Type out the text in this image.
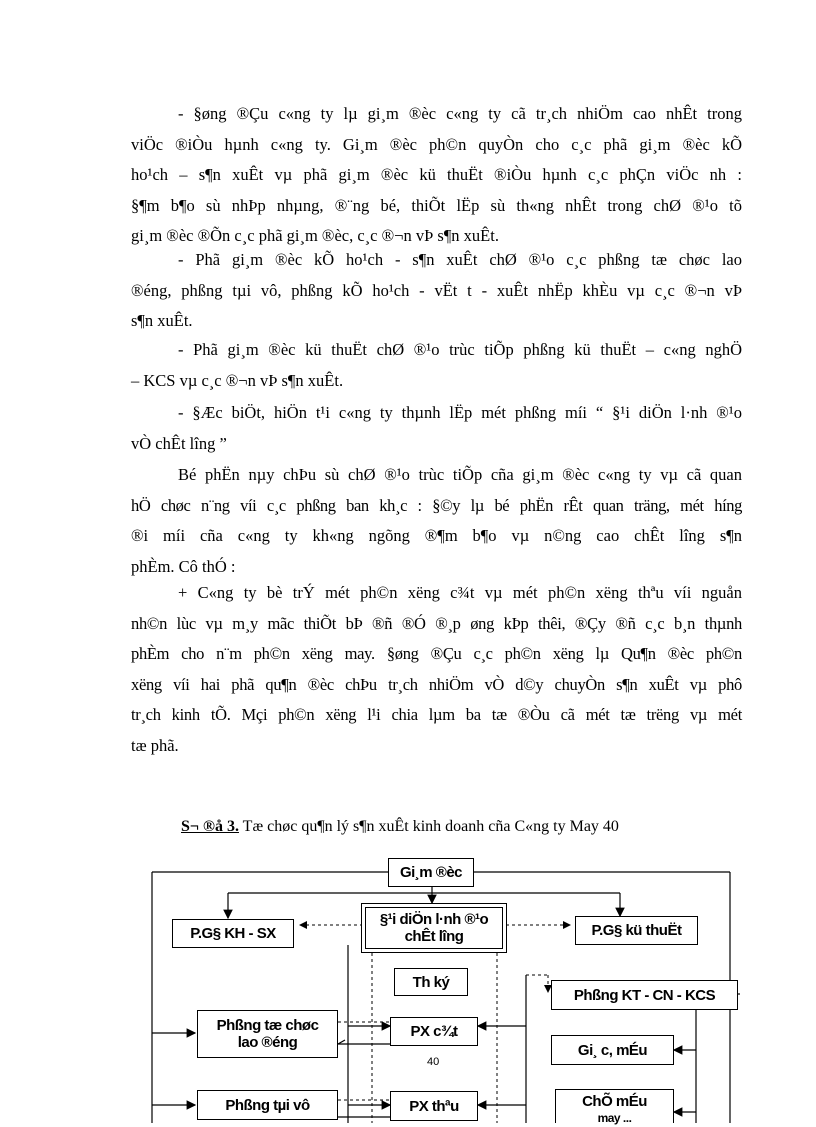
- §øng ®Çu c«ng ty lµ gi¸m ®èc c«ng ty cã tr¸ch nhiÖm cao nhÊt trong
viÖc ®iÒu hµnh c«ng ty. Gi¸m ®èc ph©n quyÒn cho c¸c phã gi¸m ®èc kÕ
ho¹ch – s¶n xuÊt vµ phã gi¸m ®èc kü thuËt ®iÒu hµnh c¸c phÇn viÖc nh :
§¶m b¶o sù nhÞp nhµng, ®¨ng bé, thiÕt lËp sù th«ng nhÊt trong chØ ®¹o tõ
gi¸m ®èc ®Õn c¸c phã gi¸m ®èc, c¸c ®¬n vÞ s¶n xuÊt.
- Phã gi¸m ®èc kÕ ho¹ch - s¶n xuÊt chØ ®¹o c¸c phßng tæ chøc lao
®éng, phßng tµi vô, phßng kÕ ho¹ch - vËt t - xuÊt nhËp khÈu vµ c¸c ®¬n vÞ
s¶n xuÊt.
- Phã gi¸m ®èc kü thuËt chØ ®¹o trùc tiÕp phßng kü thuËt – c«ng nghÖ
– KCS vµ c¸c ®¬n vÞ s¶n xuÊt.
- §Æc biÖt, hiÖn t¹i c«ng ty thµnh lËp mét phßng míi “ §¹i diÖn l·nh ®¹o
vÒ chÊt lîng ”
Bé phËn nµy chÞu sù chØ ®¹o trùc tiÕp cña gi¸m ®èc c«ng ty vµ cã quan
hÖ chøc n¨ng víi c¸c phßng ban kh¸c : §©y lµ bé phËn rÊt quan träng, mét híng
®i míi cña c«ng ty kh«ng ngõng ®¶m b¶o vµ n©ng cao chÊt lîng s¶n
phÈm. Cô thÓ :
+ C«ng ty bè trÝ mét ph©n xëng c¾t vµ mét ph©n xëng thªu víi nguån
nh©n lùc vµ m¸y mãc thiÕt bÞ ®ñ ®Ó ®¸p øng kÞp thêi, ®Çy ®ñ c¸c b¸n thµnh
phÈm cho n¨m ph©n xëng may. §øng ®Çu c¸c ph©n xëng lµ Qu¶n ®èc ph©n
xëng víi hai phã qu¶n ®èc chÞu tr¸ch nhiÖm vÒ d©y chuyÒn s¶n xuÊt vµ phô
tr¸ch kinh tÕ. Mçi ph©n xëng l¹i chia lµm ba tæ ®Òu cã mét tæ trëng vµ mét
tæ phã.
S¬ ®å 3. Tæ chøc qu¶n lý s¶n xuÊt kinh doanh cña C«ng ty May 40
Gi¸m ®èc
P.G§ KH - SX
§¹i diÖn l·nh ®¹o
chÊt lîng	P.G§ kü thuËt
Th ký
Phßng KT - CN - KCS
Phßng tæ chøc
lao ®éng
PX c¾t
Gi¸ c, mÉu
Phßng tµi vô	PX thªu	ChÕ mÉu
may ...
40
